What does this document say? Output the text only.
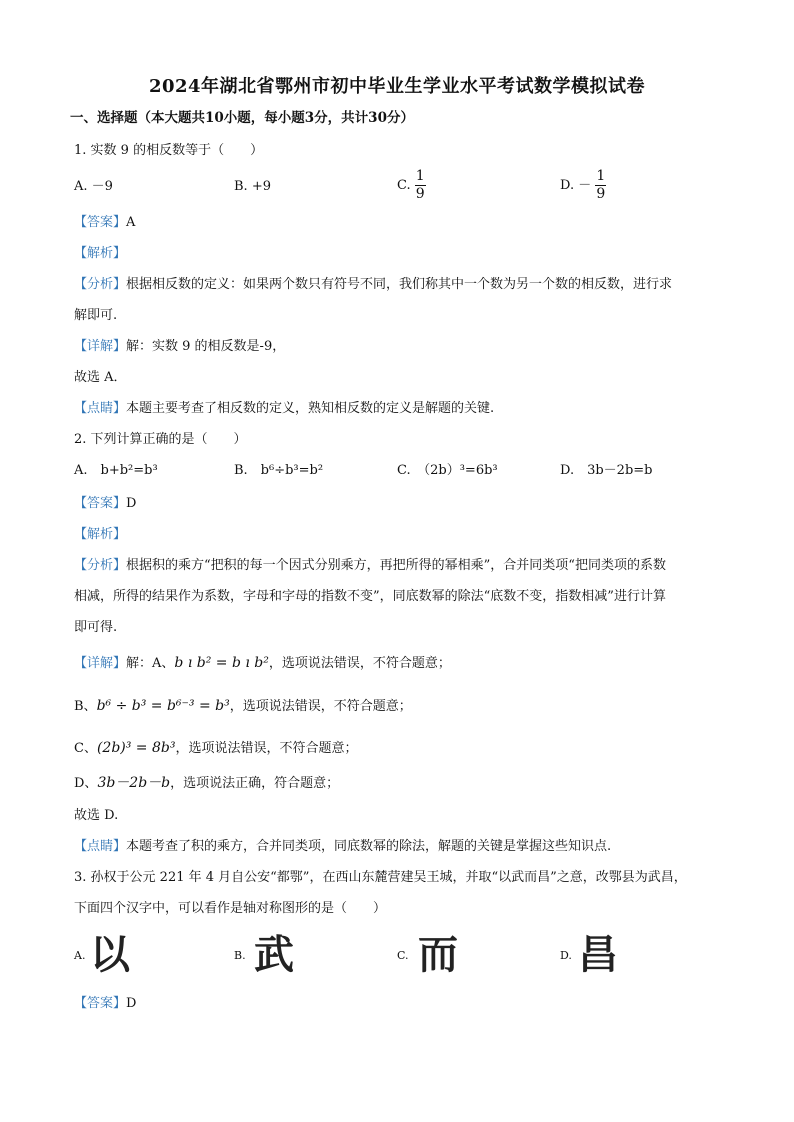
2024年湖北省鄂州市初中毕业生学业水平考试数学模拟试卷
一、选择题（本大题共10小题，每小题3分，共计30分）
1. 实数 9 的相反数等于（　　）
A. －9	B. +9	C. $\frac{1}{9}$	D. － $\frac{1}{9}$
【答案】A
【解析】
【分析】根据相反数的定义：如果两个数只有符号不同，我们称其中一个数为另一个数的相反数，进行求
解即可.
【详解】解：实数 9 的相反数是-9，
故选 A．
【点睛】本题主要考查了相反数的定义，熟知相反数的定义是解题的关键.
2. 下列计算正确的是（　　）
A.　b+b²=b³	B.　b⁶÷b³=b²	C.　（2b）³=6b³	D.　3b－2b=b
【答案】D
【解析】
【分析】根据积的乘方“把积的每一个因式分别乘方，再把所得的幂相乘”，合并同类项“把同类项的系数
相减，所得的结果作为系数，字母和字母的指数不变”，同底数幂的除法“底数不变，指数相减”进行计算
即可得.
【详解】解：A、b ı b² = b ı b²，选项说法错误，不符合题意；
B、b⁶ ÷ b³ = b⁶⁻³ = b³，选项说法错误，不符合题意；
C、(2b)³ = 8b³，选项说法错误，不符合题意；
D、3b－2b－b，选项说法正确，符合题意；
故选 D.
【点睛】本题考查了积的乘方，合并同类项，同底数幂的除法，解题的关键是掌握这些知识点.
3. 孙权于公元 221 年 4 月自公安“都鄂”，在西山东麓营建吴王城，并取“以武而昌”之意，改鄂县为武昌，
下面四个汉字中，可以看作是轴对称图形的是（　　）
A. 以	B. 武	C. 而	D. 昌
【答案】D
